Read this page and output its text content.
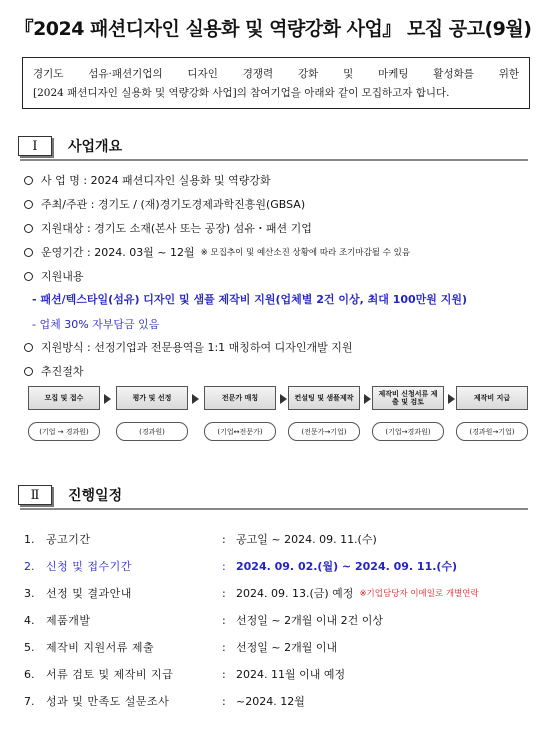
『2024 패션디자인 실용화 및 역량강화 사업』 모집 공고(9월)
경기도 섬유·패션기업의 디자인 경쟁력 강화 및 마케팅 활성화를 위한
[2024 패션디자인 실용화 및 역량강화 사업]의 참여기업을 아래와 같이 모집하고자 합니다.
Ⅰ	사업개요
사 업 명 : 2024 패션디자인 실용화 및 역량강화
주최/주관 : 경기도 / (재)경기도경제과학진흥원(GBSA)
지원대상 : 경기도 소재(본사 또는 공장) 섬유・패션 기업
운영기간 : 2024. 03월 ~ 12월 ※ 모집추이 및 예산소진 상황에 따라 조기마감될 수 있음
지원내용
- 패션/텍스타일(섬유) 디자인 및 샘플 제작비 지원(업체별 2건 이상, 최대 100만원 지원)
- 업체 30% 자부담금 있음
지원방식 : 선정기업과 전문용역을 1:1 매칭하여 디자인개발 지원
추진절차
모집 및 접수
(기업 → 경과원)
평가 및 선정
(경과원)
전문가 매칭
(기업↔전문가)
컨설팅 및 샘플제작
(전문가→기업)
제작비 신청서류 제출 및 검토
(기업→경과원)
제작비 지급
(경과원→기업)
Ⅱ	진행일정
1.	공고기간	: 공고일 ~ 2024. 09. 11.(수)
2.	신청 및 접수기간	: 2024. 09. 02.(월) ~ 2024. 09. 11.(수)
3.	선정 및 결과안내	: 2024. 09. 13.(금) 예정 ※기업담당자 이메일로 개별연락
4.	제품개발	: 선정일 ~ 2개월 이내 2건 이상
5.	제작비 지원서류 제출	: 선정일 ~ 2개월 이내
6.	서류 검토 및 제작비 지급	: 2024. 11월 이내 예정
7.	성과 및 만족도 설문조사	: ~2024. 12월
